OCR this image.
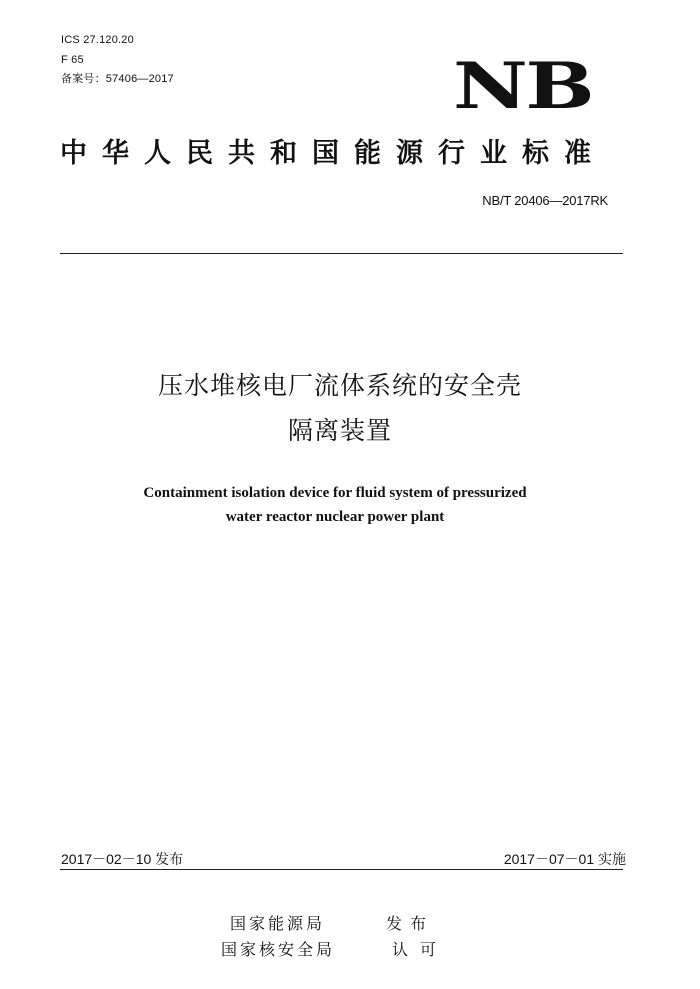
ICS 27.120.20
F 65
备案号：57406—2017	NB
中华人民共和国能源行业标准
NB/T 20406—2017RK
压水堆核电厂流体系统的安全壳
隔离装置
Containment isolation device for fluid system of pressurized
water reactor nuclear power plant
2017－02－10 发布	2017－07－01 实施
国家能源局	发布
国家核安全局	认可
